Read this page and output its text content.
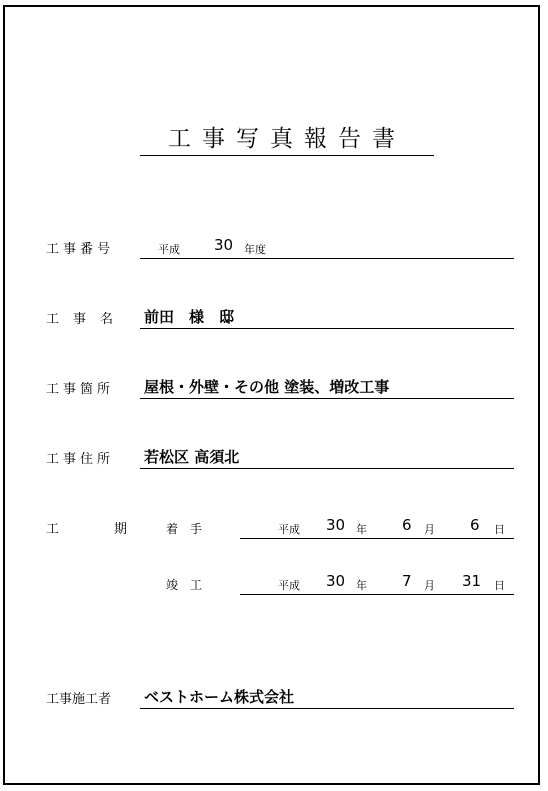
工事写真報告書
工事番号	平成 30 年度
工事名 前田　様　邸
工事箇所 屋根・外壁・その他 塗装、増改工事
工事住所 若松区 高須北
工	期	着　手	平成 30 年 6 月 6 日
竣　工	平成 30 年 7 月 31 日
工事施工者 ベストホーム株式会社
